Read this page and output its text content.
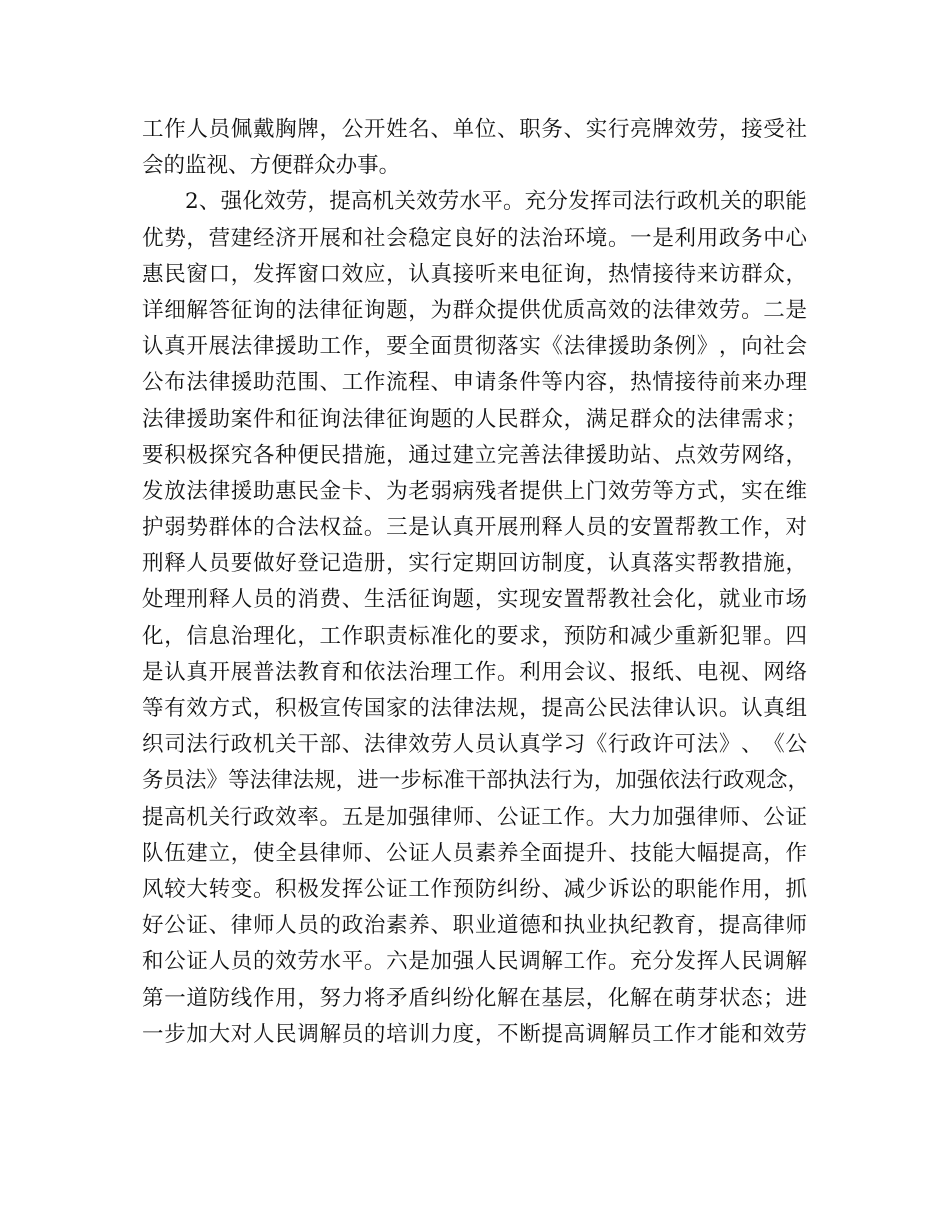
工 作 人 员 佩 戴 胸 牌 ， 公 开 姓 名 、 单 位 、 职 务 、 实 行 亮 牌 效 劳 ， 接 受 社
会 的 监 视 、 方 便 群 众 办 事 。
2 、 强 化 效 劳 ， 提 高 机 关 效 劳 水 平 。 充 分 发 挥 司 法 行 政 机 关 的 职 能
优 势 ， 营 建 经 济 开 展 和 社 会 稳 定 良 好 的 法 治 环 境 。 一 是 利 用 政 务 中 心
惠 民 窗 口 ， 发 挥 窗 口 效 应 ， 认 真 接 听 来 电 征 询 ， 热 情 接 待 来 访 群 众 ，
详 细 解 答 征 询 的 法 律 征 询 题 ， 为 群 众 提 供 优 质 高 效 的 法 律 效 劳 。 二 是
认 真 开 展 法 律 援 助 工 作 ， 要 全 面 贯 彻 落 实 《 法 律 援 助 条 例 》 ， 向 社 会
公 布 法 律 援 助 范 围 、 工 作 流 程 、 申 请 条 件 等 内 容 ， 热 情 接 待 前 来 办 理
法 律 援 助 案 件 和 征 询 法 律 征 询 题 的 人 民 群 众 ， 满 足 群 众 的 法 律 需 求 ；
要 积 极 探 究 各 种 便 民 措 施 ， 通 过 建 立 完 善 法 律 援 助 站 、 点 效 劳 网 络 ，
发 放 法 律 援 助 惠 民 金 卡 、 为 老 弱 病 残 者 提 供 上 门 效 劳 等 方 式 ， 实 在 维
护 弱 势 群 体 的 合 法 权 益 。 三 是 认 真 开 展 刑 释 人 员 的 安 置 帮 教 工 作 ， 对
刑 释 人 员 要 做 好 登 记 造 册 ， 实 行 定 期 回 访 制 度 ， 认 真 落 实 帮 教 措 施 ，
处 理 刑 释 人 员 的 消 费 、 生 活 征 询 题 ， 实 现 安 置 帮 教 社 会 化 ， 就 业 市 场
化 ， 信 息 治 理 化 ， 工 作 职 责 标 准 化 的 要 求 ， 预 防 和 减 少 重 新 犯 罪 。 四
是 认 真 开 展 普 法 教 育 和 依 法 治 理 工 作 。 利 用 会 议 、 报 纸 、 电 视 、 网 络
等 有 效 方 式 ， 积 极 宣 传 国 家 的 法 律 法 规 ， 提 高 公 民 法 律 认 识 。 认 真 组
织 司 法 行 政 机 关 干 部 、 法 律 效 劳 人 员 认 真 学 习 《 行 政 许 可 法 》 、 《 公
务 员 法 》 等 法 律 法 规 ， 进 一 步 标 准 干 部 执 法 行 为 ， 加 强 依 法 行 政 观 念 ，
提 高 机 关 行 政 效 率 。 五 是 加 强 律 师 、 公 证 工 作 。 大 力 加 强 律 师 、 公 证
队 伍 建 立 ， 使 全 县 律 师 、 公 证 人 员 素 养 全 面 提 升 、 技 能 大 幅 提 高 ， 作
风 较 大 转 变 。 积 极 发 挥 公 证 工 作 预 防 纠 纷 、 减 少 诉 讼 的 职 能 作 用 ， 抓
好 公 证 、 律 师 人 员 的 政 治 素 养 、 职 业 道 德 和 执 业 执 纪 教 育 ， 提 高 律 师
和 公 证 人 员 的 效 劳 水 平 。 六 是 加 强 人 民 调 解 工 作 。 充 分 发 挥 人 民 调 解
第 一 道 防 线 作 用 ， 努 力 将 矛 盾 纠 纷 化 解 在 基 层 ， 化 解 在 萌 芽 状 态 ； 进
一 步 加 大 对 人 民 调 解 员 的 培 训 力 度 ， 不 断 提 高 调 解 员 工 作 才 能 和 效 劳
